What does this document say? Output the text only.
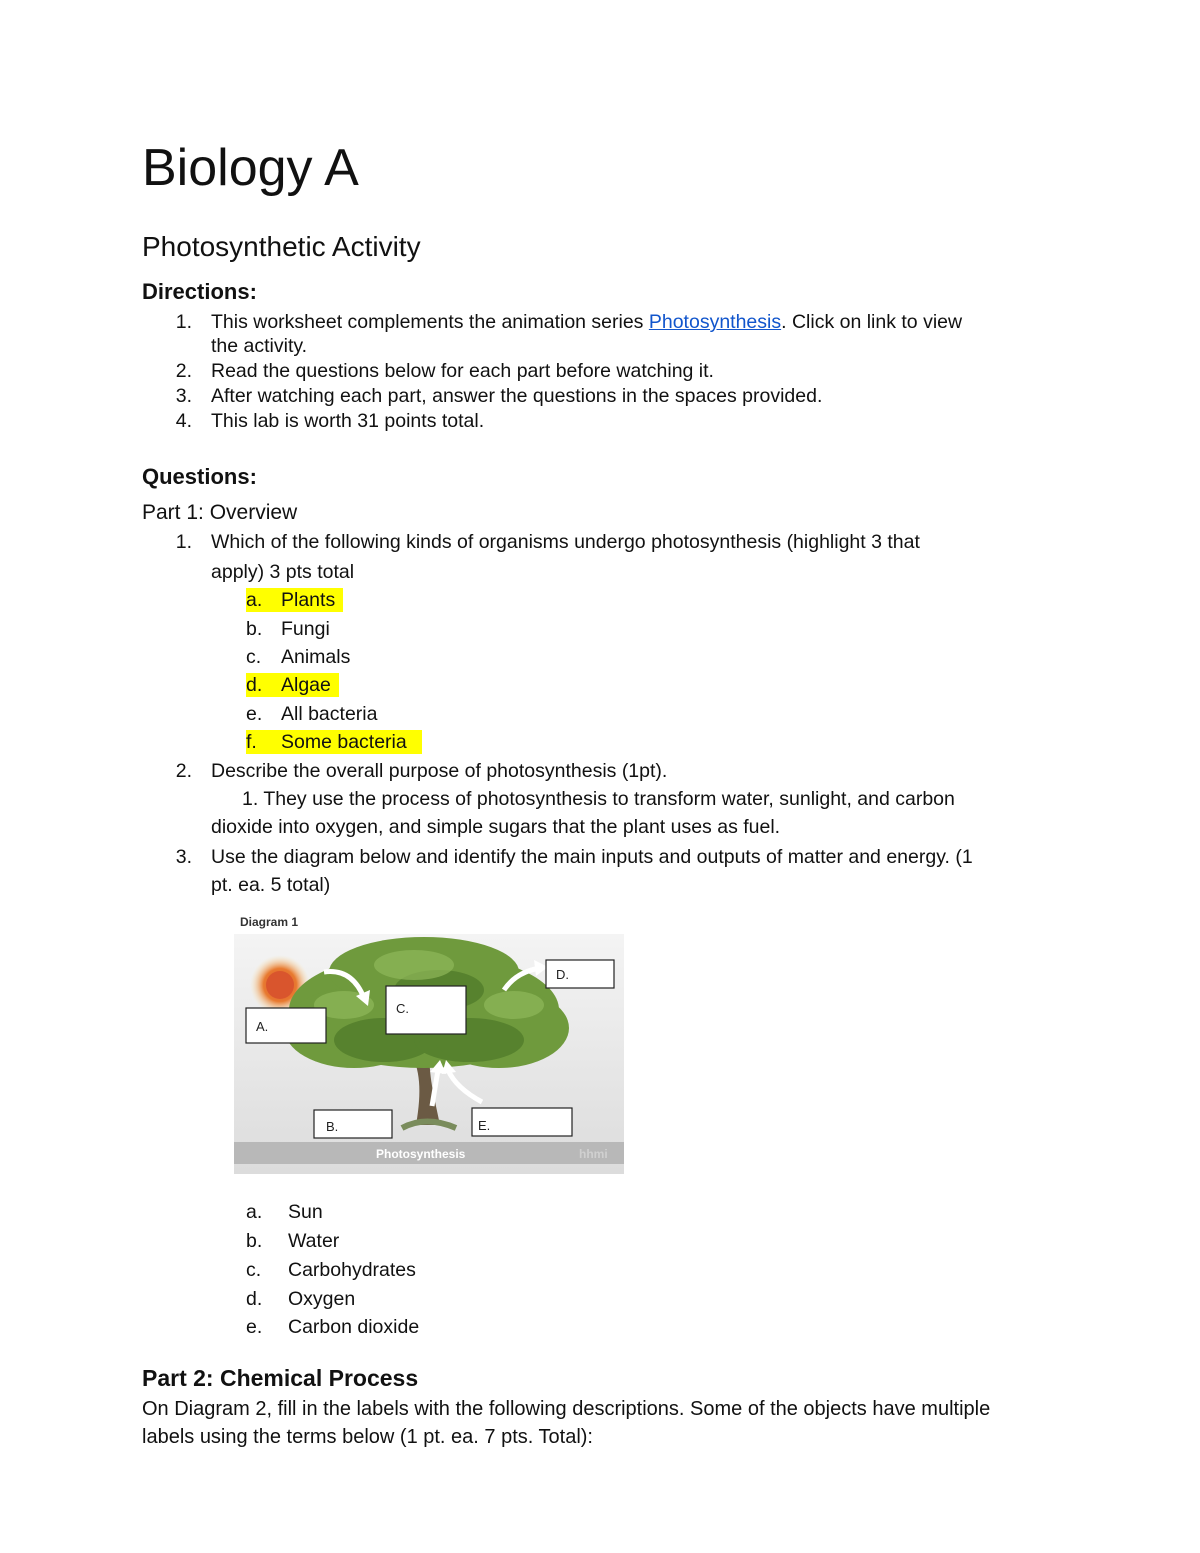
Biology A
Photosynthetic Activity
Directions:
1. This worksheet complements the animation series Photosynthesis. Click on link to view
the activity.
2. Read the questions below for each part before watching it.
3. After watching each part, answer the questions in the spaces provided.
4. This lab is worth 31 points total.
Questions:
Part 1: Overview
1. Which of the following kinds of organisms undergo photosynthesis (highlight 3 that
apply) 3 pts total
a. Plants
b. Fungi
c. Animals
d. Algae
e. All bacteria
f. Some bacteria
2. Describe the overall purpose of photosynthesis (1pt).
1. They use the process of photosynthesis to transform water, sunlight, and carbon
dioxide into oxygen, and simple sugars that the plant uses as fuel.
3. Use the diagram below and identify the main inputs and outputs of matter and energy. (1
pt. ea. 5 total)
Diagram 1
A.
C.
D.
B.	E.
Photosynthesis	hhmi
a. Sun
b. Water
c. Carbohydrates
d. Oxygen
e. Carbon dioxide
Part 2: Chemical Process
On Diagram 2, fill in the labels with the following descriptions. Some of the objects have multiple
labels using the terms below (1 pt. ea. 7 pts. Total):
